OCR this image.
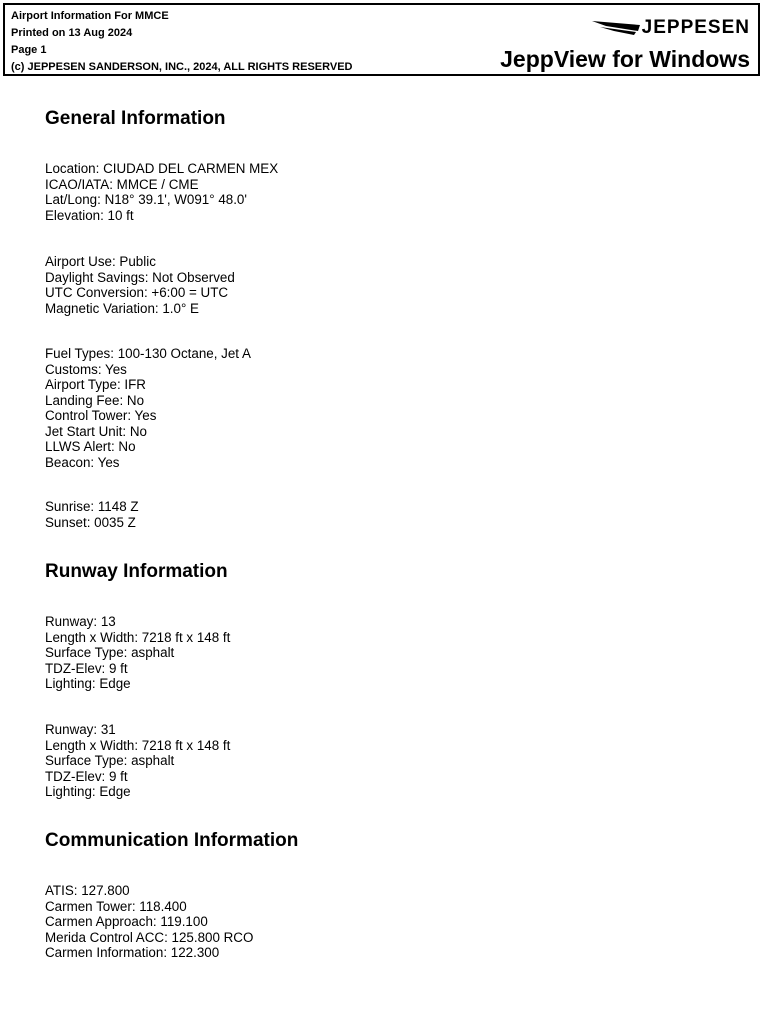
Airport Information For MMCE
Printed on 13 Aug 2024
Page 1
(c) JEPPESEN SANDERSON, INC., 2024, ALL RIGHTS RESERVED
JEPPESEN
JeppView for Windows
General Information
Location: CIUDAD DEL CARMEN MEX
ICAO/IATA: MMCE / CME
Lat/Long: N18° 39.1', W091° 48.0'
Elevation: 10 ft
Airport Use: Public
Daylight Savings: Not Observed
UTC Conversion: +6:00 = UTC
Magnetic Variation: 1.0° E
Fuel Types: 100-130 Octane, Jet A
Customs: Yes
Airport Type: IFR
Landing Fee: No
Control Tower: Yes
Jet Start Unit: No
LLWS Alert: No
Beacon: Yes
Sunrise: 1148 Z
Sunset: 0035 Z
Runway Information
Runway: 13
Length x Width: 7218 ft x 148 ft
Surface Type: asphalt
TDZ-Elev: 9 ft
Lighting: Edge
Runway: 31
Length x Width: 7218 ft x 148 ft
Surface Type: asphalt
TDZ-Elev: 9 ft
Lighting: Edge
Communication Information
ATIS: 127.800
Carmen Tower: 118.400
Carmen Approach: 119.100
Merida Control ACC: 125.800 RCO
Carmen Information: 122.300
